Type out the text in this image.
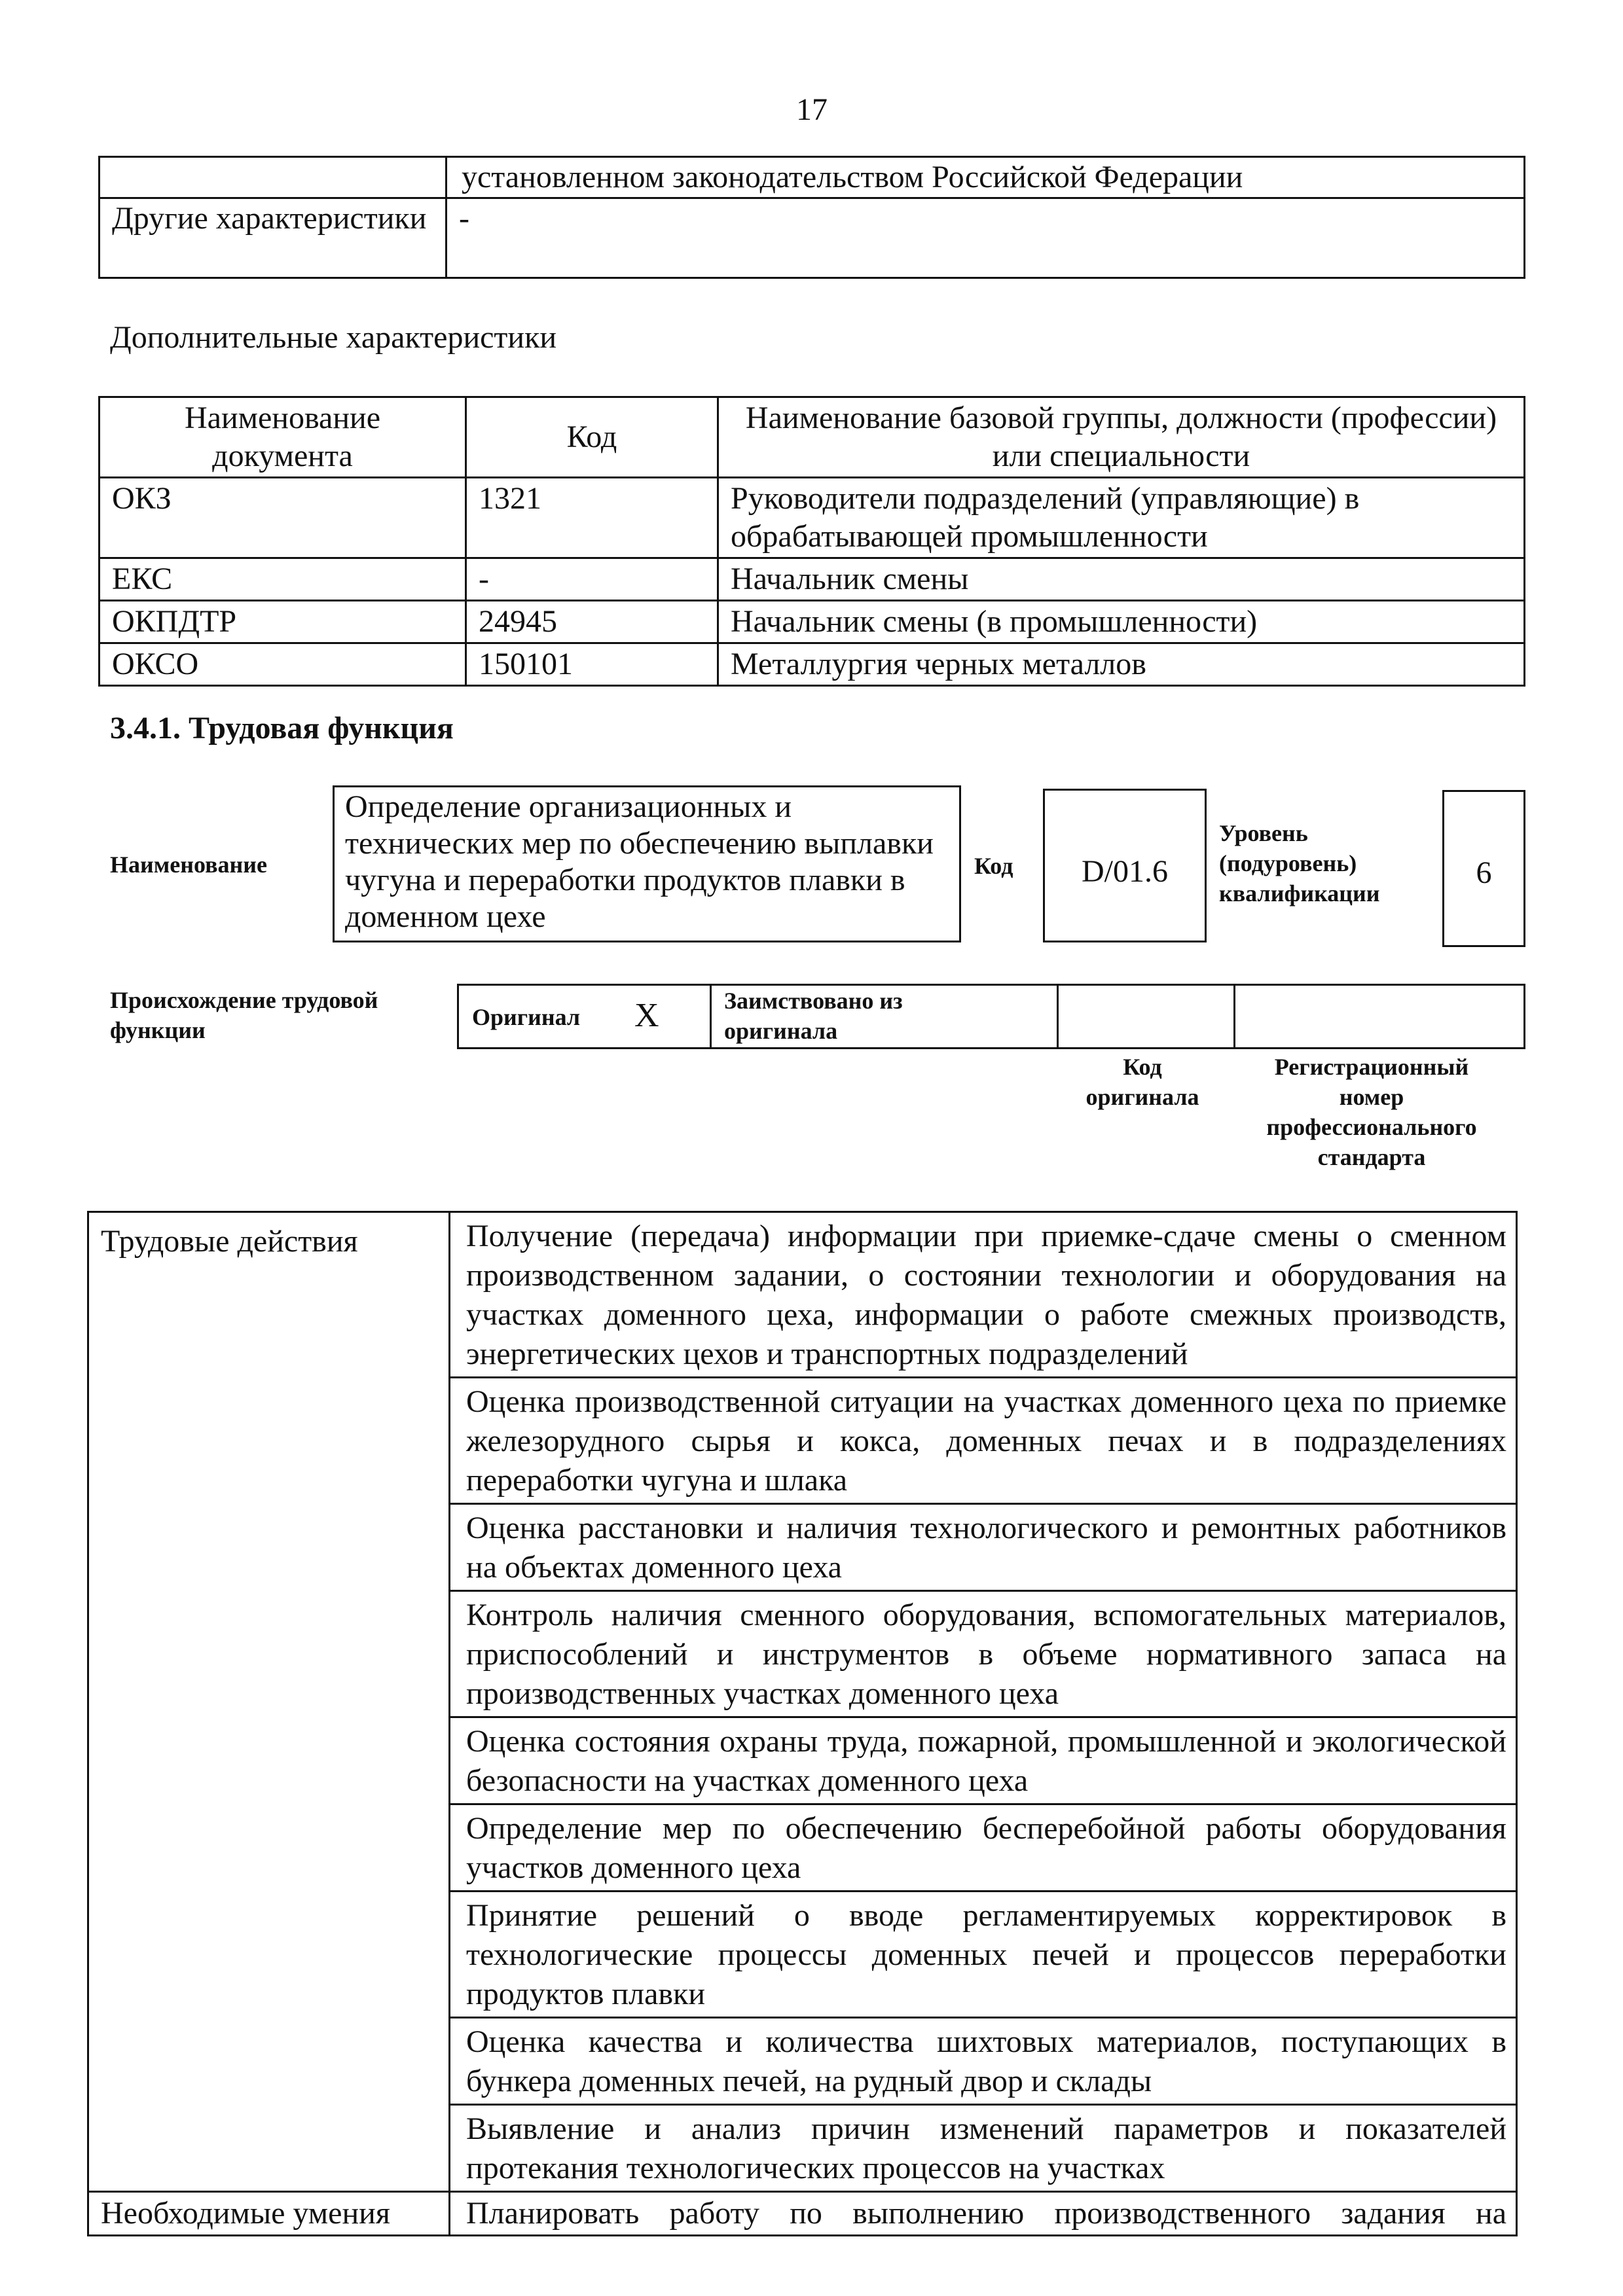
17
	установленном законодательством Российской Федерации
Другие характеристики	-
Дополнительные характеристики
Наименование документа	Код	Наименование базовой группы, должности (профессии) или специальности
ОКЗ	1321	Руководители подразделений (управляющие) в обрабатывающей промышленности
ЕКС	-	Начальник смены
ОКПДТР	24945	Начальник смены (в промышленности)
ОКСО	150101	Металлургия черных металлов
3.4.1. Трудовая функция
Наименование
Определение организационных и технических мер по обеспечению выплавки чугуна и переработки продуктов плавки в доменном цехе
Код	D/01.6
Уровень (подуровень) квалификации
6
Происхождение трудовой функции	Оригинал X	Заимствовано из оригинала
Код оригинала
Регистрационный номер профессионального стандарта
Трудовые действия	Получение (передача) информации при приемке-сдаче смены о сменном производственном задании, о состоянии технологии и оборудования на участках доменного цеха, информации о работе смежных производств, энергетических цехов и транспортных подразделений
	Оценка производственной ситуации на участках доменного цеха по приемке железорудного сырья и кокса, доменных печах и в подразделениях переработки чугуна и шлака
	Оценка расстановки и наличия технологического и ремонтных работников на объектах доменного цеха
	Контроль наличия сменного оборудования, вспомогательных материалов, приспособлений и инструментов в объеме нормативного запаса на производственных участках доменного цеха
	Оценка состояния охраны труда, пожарной, промышленной и экологической безопасности на участках доменного цеха
	Определение мер по обеспечению бесперебойной работы оборудования участков доменного цеха
	Принятие решений о вводе регламентируемых корректировок в технологические процессы доменных печей и процессов переработки продуктов плавки
	Оценка качества и количества шихтовых материалов, поступающих в бункера доменных печей, на рудный двор и склады
	Выявление и анализ причин изменений параметров и показателей протекания технологических процессов на участках
Необходимые умения	Планировать работу по выполнению производственного задания на
